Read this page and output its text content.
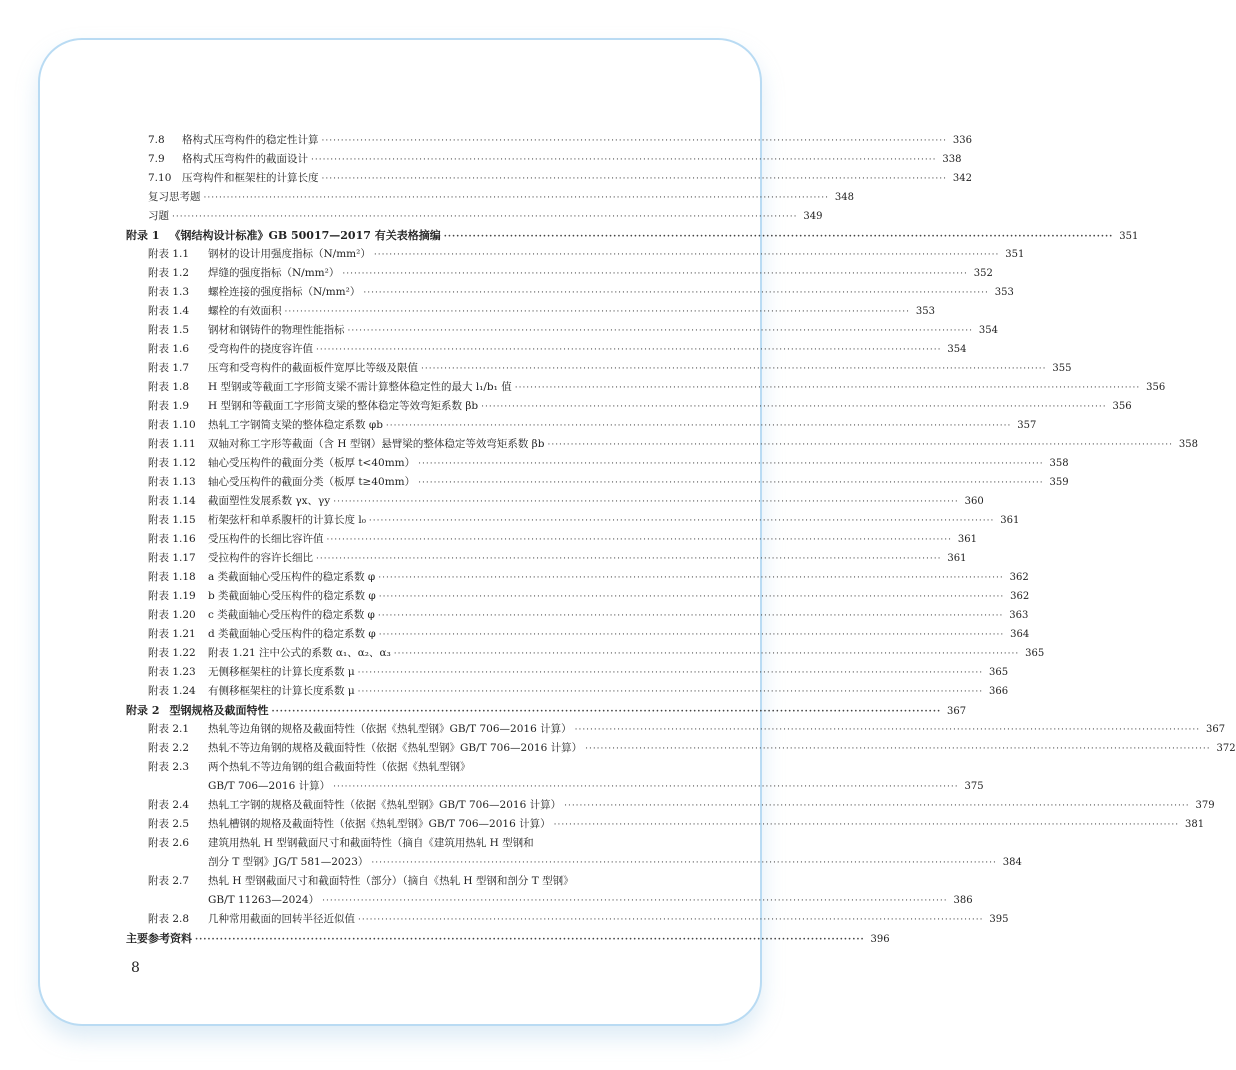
7.8	格构式压弯构件的稳定性计算 ·····	336
7.9	格构式压弯构件的截面设计 ·····	338
7.10	压弯构件和框架柱的计算长度 ·····	342
复习思考题 ·····	348
习题 ·····	349
附录 1 《钢结构设计标准》GB 50017—2017 有关表格摘编 ·····	351
附表 1.1	钢材的设计用强度指标（N/mm²） ·····	351
附表 1.2	焊缝的强度指标（N/mm²） ·····	352
附表 1.3	螺栓连接的强度指标（N/mm²） ·····	353
附表 1.4	螺栓的有效面积 ·····	353
附表 1.5	钢材和钢铸件的物理性能指标 ·····	354
附表 1.6	受弯构件的挠度容许值 ·····	354
附表 1.7	压弯和受弯构件的截面板件宽厚比等级及限值 ·····	355
附表 1.8	H 型钢或等截面工字形简支梁不需计算整体稳定性的最大 l₁/b₁ 值 ·····	356
附表 1.9	H 型钢和等截面工字形简支梁的整体稳定等效弯矩系数 βb ·····	356
附表 1.10	热轧工字钢简支梁的整体稳定系数 φb ·····	357
附表 1.11	双轴对称工字形等截面（含 H 型钢）悬臂梁的整体稳定等效弯矩系数 βb ·····	358
附表 1.12	轴心受压构件的截面分类（板厚 t<40mm） ·····	358
附表 1.13	轴心受压构件的截面分类（板厚 t≥40mm） ·····	359
附表 1.14	截面塑性发展系数 γx、γy ·····	360
附表 1.15	桁架弦杆和单系腹杆的计算长度 l₀ ·····	361
附表 1.16	受压构件的长细比容许值 ·····	361
附表 1.17	受拉构件的容许长细比 ·····	361
附表 1.18	a 类截面轴心受压构件的稳定系数 φ ·····	362
附表 1.19	b 类截面轴心受压构件的稳定系数 φ ·····	362
附表 1.20	c 类截面轴心受压构件的稳定系数 φ ·····	363
附表 1.21	d 类截面轴心受压构件的稳定系数 φ ·····	364
附表 1.22	附表 1.21 注中公式的系数 α₁、α₂、α₃ ·····	365
附表 1.23	无侧移框架柱的计算长度系数 μ ·····	365
附表 1.24	有侧移框架柱的计算长度系数 μ ·····	366
附录 2 型钢规格及截面特性 ·····	367
附表 2.1	热轧等边角钢的规格及截面特性（依据《热轧型钢》GB/T 706—2016 计算） ·····	367
附表 2.2	热轧不等边角钢的规格及截面特性（依据《热轧型钢》GB/T 706—2016 计算） ·····	372
附表 2.3	两个热轧不等边角钢的组合截面特性（依据《热轧型钢》
GB/T 706—2016 计算） ·····	375
附表 2.4	热轧工字钢的规格及截面特性（依据《热轧型钢》GB/T 706—2016 计算） ·····	379
附表 2.5	热轧槽钢的规格及截面特性（依据《热轧型钢》GB/T 706—2016 计算） ·····	381
附表 2.6	建筑用热轧 H 型钢截面尺寸和截面特性（摘自《建筑用热轧 H 型钢和
剖分 T 型钢》JG/T 581—2023） ·····	384
附表 2.7	热轧 H 型钢截面尺寸和截面特性（部分）（摘自《热轧 H 型钢和剖分 T 型钢》
GB/T 11263—2024） ·····	386
附表 2.8	几种常用截面的回转半径近似值 ·····	395
主要参考资料 ·····	396
8
